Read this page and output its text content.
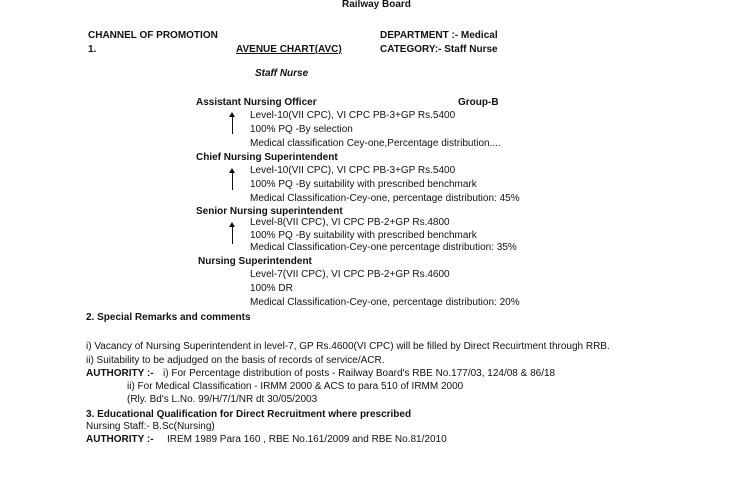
Railway Board
CHANNEL OF PROMOTION	DEPARTMENT :- Medical
1.	AVENUE CHART(AVC)	CATEGORY:- Staff Nurse
Staff Nurse
Assistant Nursing Officer	Group-B
Level-10(VII CPC), VI CPC PB-3+GP Rs.5400
100% PQ -By selection
Medical classification Cey-one,Percentage distribution....
Chief Nursing Superintendent
Level-10(VII CPC), VI CPC PB-3+GP Rs.5400
100% PQ -By suitability with prescribed benchmark
Medical Classification-Cey-one, percentage distribution: 45%
Senior Nursing superintendent
Level-8(VII CPC), VI CPC PB-2+GP Rs.4800
100% PQ -By suitability with prescribed benchmark
Medical Classification-Cey-one percentage distribution: 35%
Nursing Superintendent
Level-7(VII CPC), VI CPC PB-2+GP Rs.4600
100% DR
Medical Classification-Cey-one, percentage distribution: 20%
2. Special Remarks and comments
i) Vacancy of Nursing Superintendent in level-7, GP Rs.4600(VI CPC) will be filled by Direct Recuirtment through RRB.
ii) Suitability to be adjudged on the basis of records of service/ACR.
AUTHORITY :- i) For Percentage distribution of posts - Railway Board's RBE No.177/03, 124/08 & 86/18
ii) For Medical Classification - IRMM 2000 & ACS to para 510 of IRMM 2000
(Rly. Bd's L.No. 99/H/7/1/NR dt 30/05/2003
3. Educational Qualification for Direct Recruitment where prescribed
Nursing Staff:- B.Sc(Nursing)
AUTHORITY :- IREM 1989 Para 160 , RBE No.161/2009 and RBE No.81/2010
